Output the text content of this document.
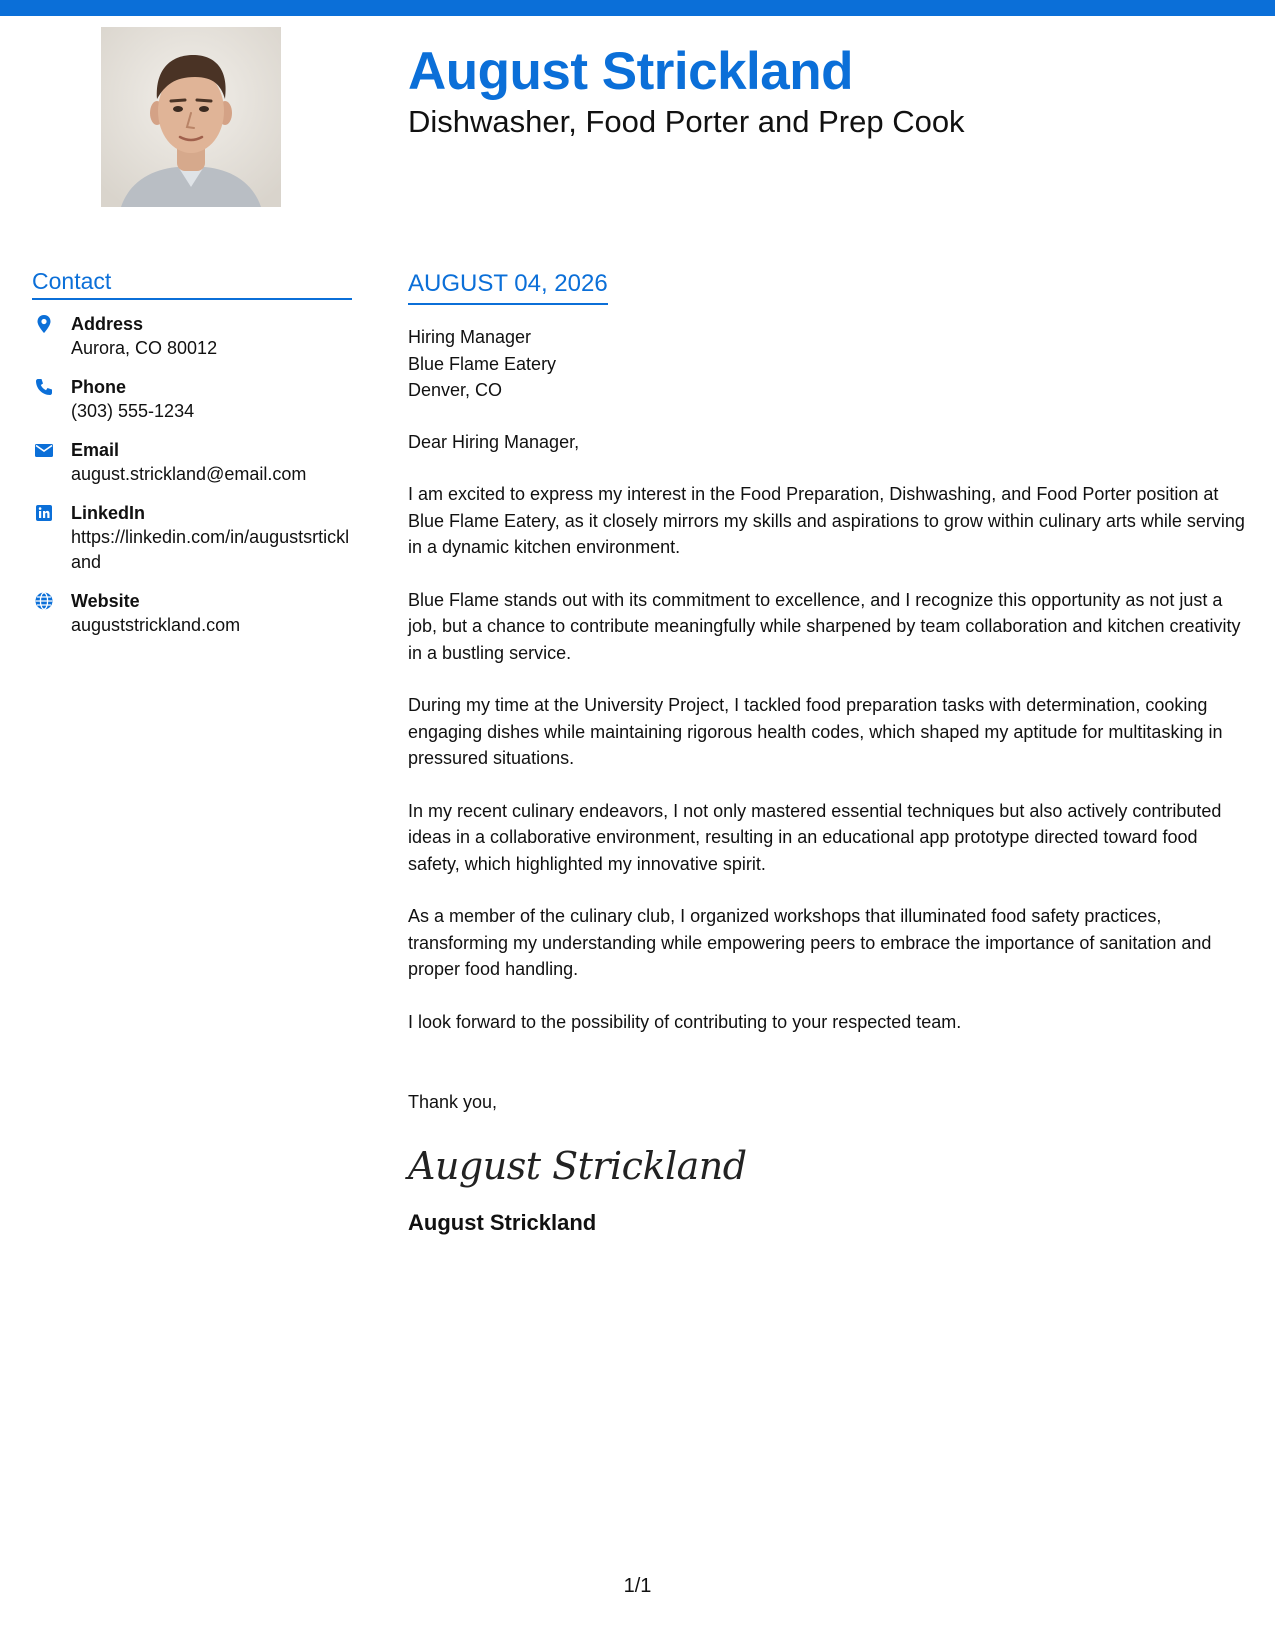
August Strickland
Dishwasher, Food Porter and Prep Cook
Contact
Address
Aurora, CO 80012
Phone
(303) 555-1234
Email
august.strickland@email.com
LinkedIn
https://linkedin.com/in/augustsrtickland
Website
auguststrickland.com
AUGUST 04, 2026
Hiring Manager
Blue Flame Eatery
Denver, CO
Dear Hiring Manager,
I am excited to express my interest in the Food Preparation, Dishwashing, and Food Porter position at Blue Flame Eatery, as it closely mirrors my skills and aspirations to grow within culinary arts while serving in a dynamic kitchen environment.
Blue Flame stands out with its commitment to excellence, and I recognize this opportunity as not just a job, but a chance to contribute meaningfully while sharpened by team collaboration and kitchen creativity in a bustling service.
During my time at the University Project, I tackled food preparation tasks with determination, cooking engaging dishes while maintaining rigorous health codes, which shaped my aptitude for multitasking in pressured situations.
In my recent culinary endeavors, I not only mastered essential techniques but also actively contributed ideas in a collaborative environment, resulting in an educational app prototype directed toward food safety, which highlighted my innovative spirit.
As a member of the culinary club, I organized workshops that illuminated food safety practices, transforming my understanding while empowering peers to embrace the importance of sanitation and proper food handling.
I look forward to the possibility of contributing to your respected team.
Thank you,
August Strickland
August Strickland
1/1
